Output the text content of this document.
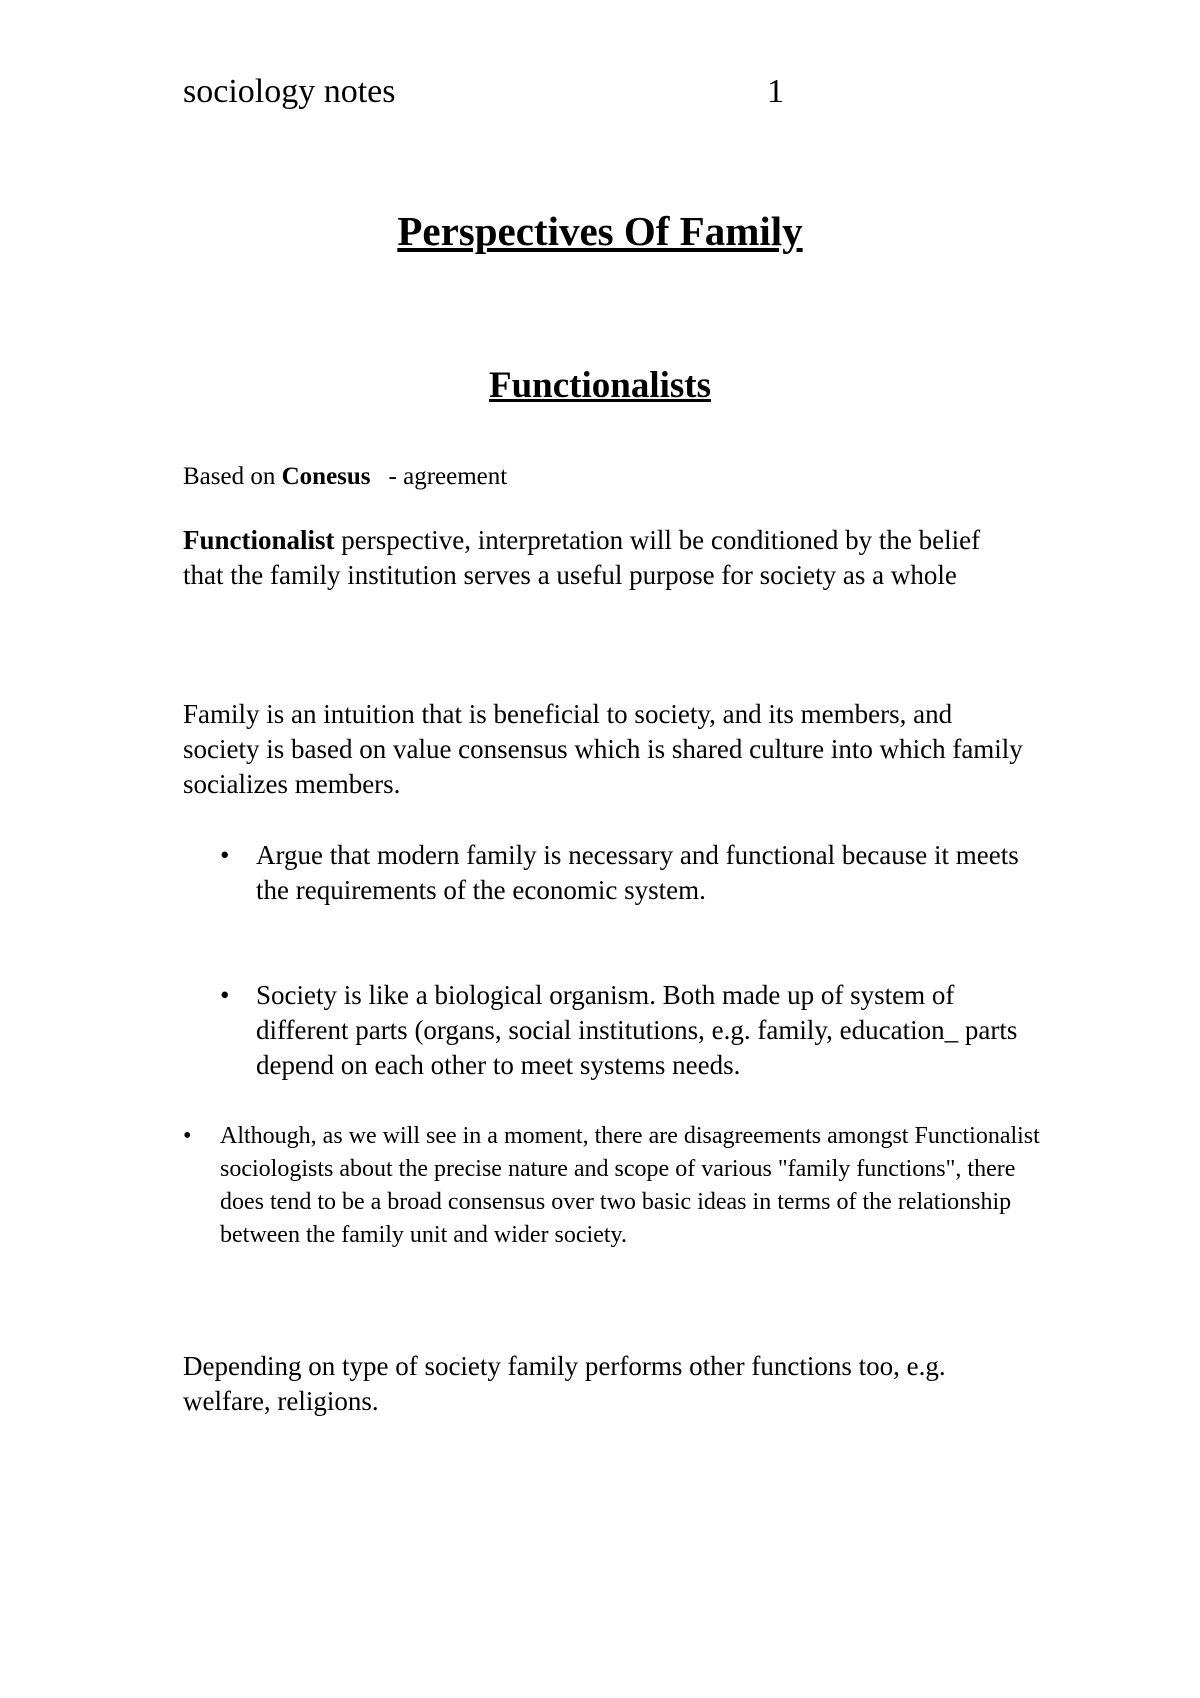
sociology notes	1
Perspectives Of Family
Functionalists
Based on Conesus - agreement
Functionalist perspective, interpretation will be conditioned by the belief that the family institution serves a useful purpose for society as a whole
Family is an intuition that is beneficial to society, and its members, and society is based on value consensus which is shared culture into which family socializes members.
• Argue that modern family is necessary and functional because it meets the requirements of the economic system.
• Society is like a biological organism. Both made up of system of different parts (organs, social institutions, e.g. family, education_ parts depend on each other to meet systems needs.
• Although, as we will see in a moment, there are disagreements amongst Functionalist sociologists about the precise nature and scope of various "family functions", there does tend to be a broad consensus over two basic ideas in terms of the relationship between the family unit and wider society.
Depending on type of society family performs other functions too, e.g. welfare, religions.
